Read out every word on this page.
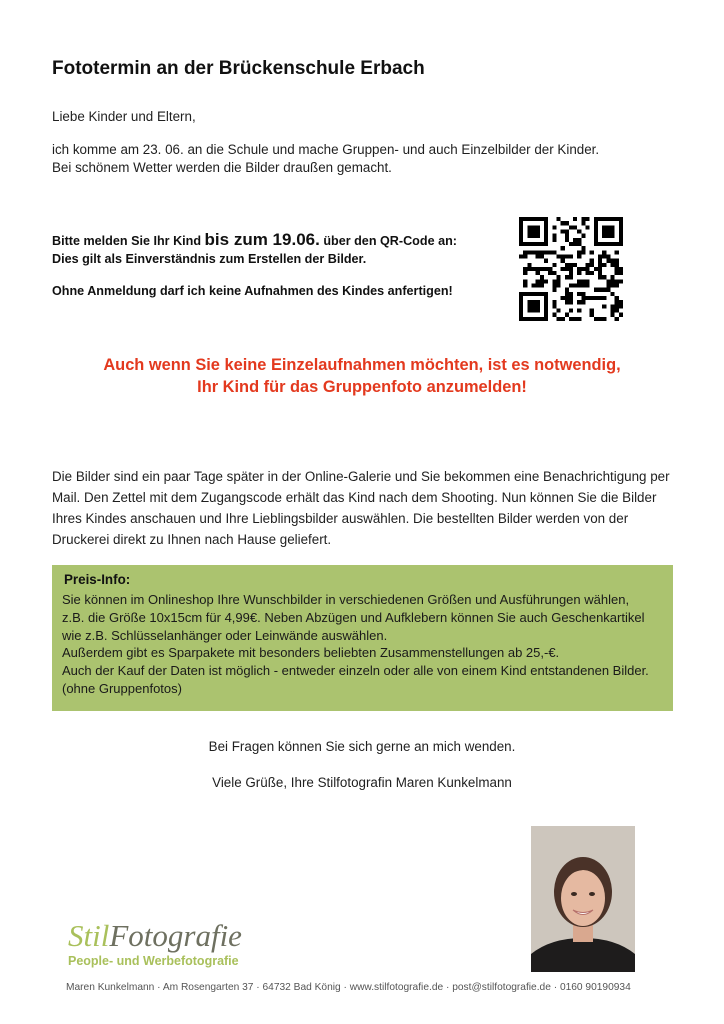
Fototermin an der Brückenschule Erbach
Liebe Kinder und Eltern,
ich komme am 23. 06. an die Schule und mache Gruppen- und auch Einzelbilder der Kinder.
Bei schönem Wetter werden die Bilder draußen gemacht.
Bitte melden Sie Ihr Kind bis zum 19.06. über den QR-Code an:
Dies gilt als Einverständnis zum Erstellen der Bilder.
Ohne Anmeldung darf ich keine Aufnahmen des Kindes anfertigen!
Auch wenn Sie keine Einzelaufnahmen möchten, ist es notwendig,
Ihr Kind für das Gruppenfoto anzumelden!
Die Bilder sind ein paar Tage später in der Online-Galerie und Sie bekommen eine Benachrichtigung per
Mail. Den Zettel mit dem Zugangscode erhält das Kind nach dem Shooting. Nun können Sie die Bilder
Ihres Kindes anschauen und Ihre Lieblingsbilder auswählen. Die bestellten Bilder werden von der
Druckerei direkt zu Ihnen nach Hause geliefert.
Preis-Info:
Sie können im Onlineshop Ihre Wunschbilder in verschiedenen Größen und Ausführungen wählen,
z.B. die Größe 10x15cm für 4,99€. Neben Abzügen und Aufklebern können Sie auch Geschenkartikel
wie z.B. Schlüsselanhänger oder Leinwände auswählen.
Außerdem gibt es Sparpakete mit besonders beliebten Zusammenstellungen ab 25,-€.
Auch der Kauf der Daten ist möglich - entweder einzeln oder alle von einem Kind entstandenen Bilder.
(ohne Gruppenfotos)
Bei Fragen können Sie sich gerne an mich wenden.
Viele Grüße, Ihre Stilfotografin Maren Kunkelmann
StilFotografie
People- und Werbefotografie
Maren Kunkelmann · Am Rosengarten 37 · 64732 Bad König · www.stilfotografie.de · post@stilfotografie.de · 0160 90190934
